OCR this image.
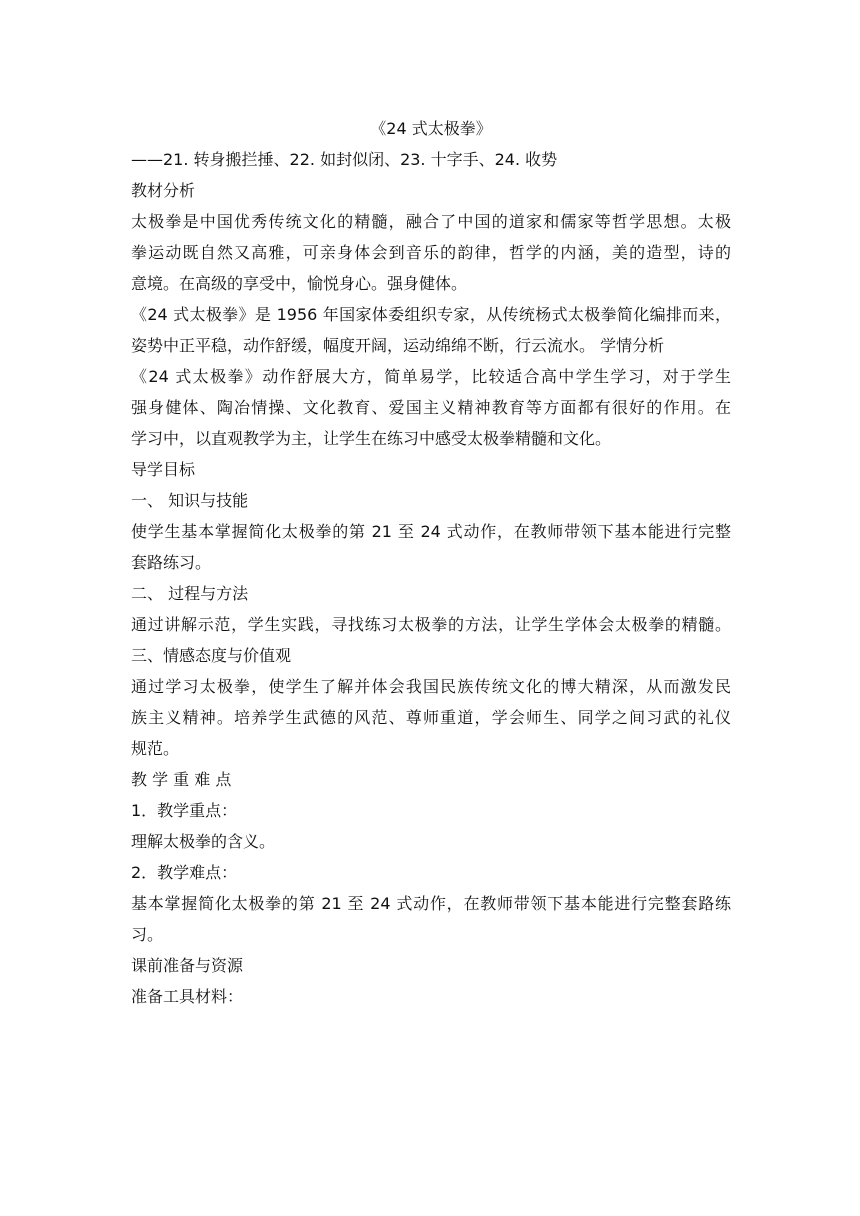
《24 式太极拳》

——21. 转身搬拦捶、22. 如封似闭、23. 十字手、24. 收势

教材分析

太极拳是中国优秀传统文化的精髓，融合了中国的道家和儒家等哲学思想。太极

拳运动既自然又高雅，可亲身体会到音乐的韵律，哲学的内涵，美的造型，诗的

意境。在高级的享受中，愉悦身心。强身健体。

《24 式太极拳》是 1956 年国家体委组织专家，从传统杨式太极拳简化编排而来，

姿势中正平稳，动作舒缓，幅度开阔，运动绵绵不断，行云流水。 学情分析

《24 式太极拳》动作舒展大方，简单易学，比较适合高中学生学习，对于学生

强身健体、陶冶情操、文化教育、爱国主义精神教育等方面都有很好的作用。在

学习中，以直观教学为主，让学生在练习中感受太极拳精髓和文化。

导学目标

一、 知识与技能

使学生基本掌握简化太极拳的第 21 至 24 式动作，在教师带领下基本能进行完整

套路练习。

二、 过程与方法

通过讲解示范，学生实践，寻找练习太极拳的方法，让学生学体会太极拳的精髓。

三、情感态度与价值观

通过学习太极拳，使学生了解并体会我国民族传统文化的博大精深，从而激发民

族主义精神。培养学生武德的风范、尊师重道，学会师生、同学之间习武的礼仪

规范。

教 学 重 难 点

1．教学重点：

理解太极拳的含义。

2．教学难点：

基本掌握简化太极拳的第 21 至 24 式动作，在教师带领下基本能进行完整套路练

习。

课前准备与资源

准备工具材料：
